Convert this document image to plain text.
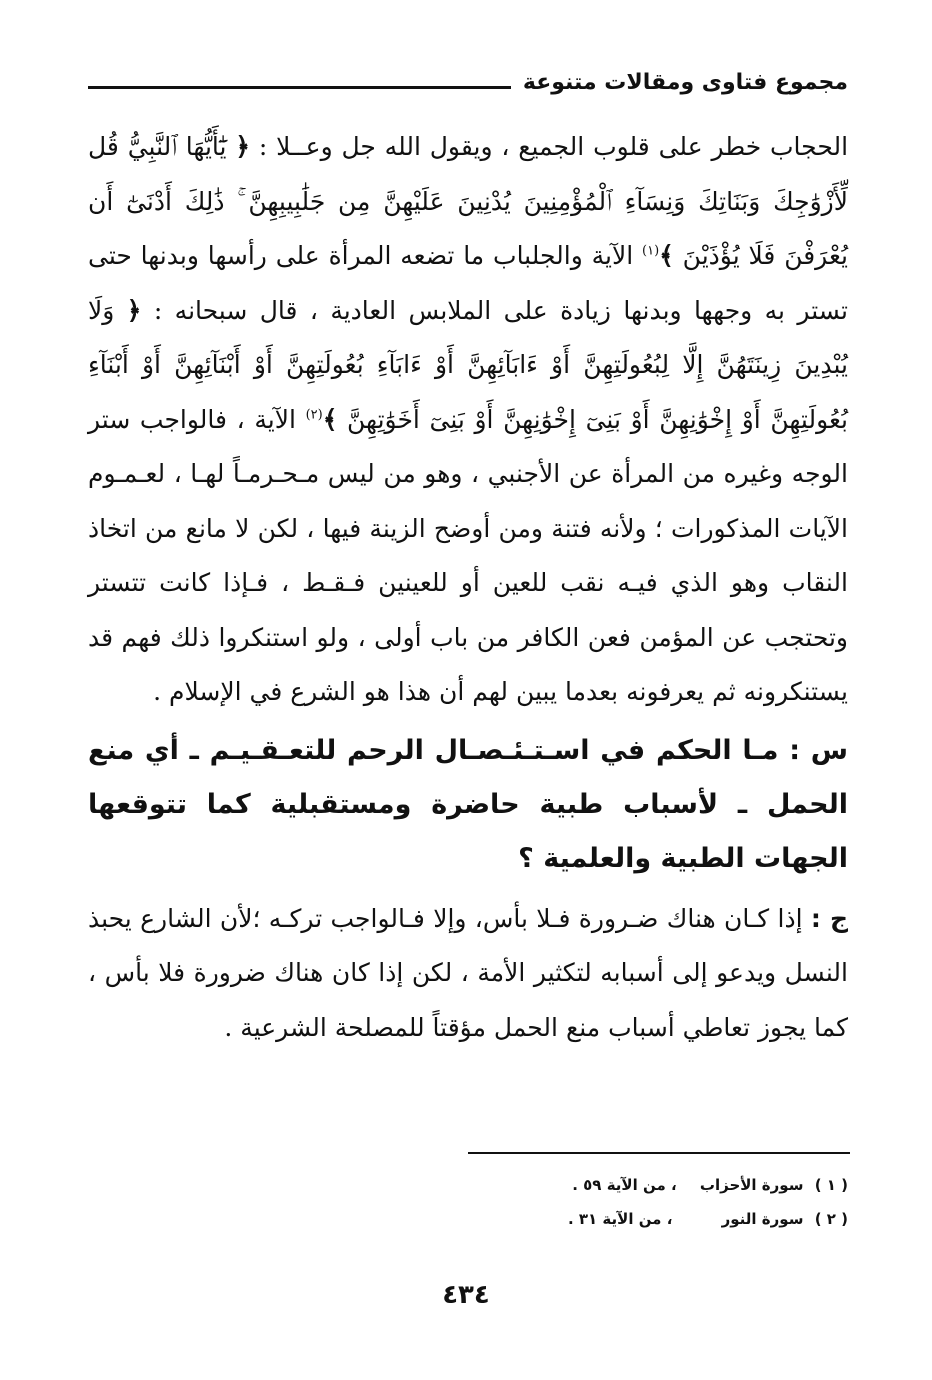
مجموع فتاوى ومقالات متنوعة

الحجاب خطر على قلوب الجميع ، ويقول الله جل وعــلا : ﴿ يَٰٓأَيُّهَا ٱلنَّبِيُّ قُل لِّأَزْوَٰجِكَ وَبَنَاتِكَ وَنِسَآءِ ٱلْمُؤْمِنِينَ يُدْنِينَ عَلَيْهِنَّ مِن جَلَٰبِيبِهِنَّ ۚ ذَٰلِكَ أَدْنَىٰٓ أَن يُعْرَفْنَ فَلَا يُؤْذَيْنَ ﴾$^{(١)}$ الآية والجلباب ما تضعه المرأة على رأسها وبدنها حتى تستر به وجهها وبدنها زيادة على الملابس العادية ، قال سبحانه : ﴿ وَلَا يُبْدِينَ زِينَتَهُنَّ إِلَّا لِبُعُولَتِهِنَّ أَوْ ءَابَآئِهِنَّ أَوْ ءَابَآءِ بُعُولَتِهِنَّ أَوْ أَبْنَآئِهِنَّ أَوْ أَبْنَآءِ بُعُولَتِهِنَّ أَوْ إِخْوَٰنِهِنَّ أَوْ بَنِىٓ إِخْوَٰنِهِنَّ أَوْ بَنِىٓ أَخَوَٰتِهِنَّ ﴾$^{(٢)}$ الآية ، فالواجب ستر الوجه وغيره من المرأة عن الأجنبي ، وهو من ليس مـحـرمـاً لهـا ، لعـمـوم الآيات المذكورات ؛ ولأنه فتنة ومن أوضح الزينة فيها ، لكن لا مانع من اتخاذ النقاب وهو الذي فيـه نقب للعين أو للعينين فـقـط ، فـإذا كانت تتستر وتحتجب عن المؤمن فعن الكافر من باب أولى ، ولو استنكروا ذلك فهم قد يستنكرونه ثم يعرفونه بعدما يبين لهم أن هذا هو الشرع في الإسلام .

س : مـا الحكم في اسـتـئـصـال الرحم للتعـقـيـم ـ أي منع الحمل ـ لأسباب طبية حاضرة ومستقبلية كما تتوقعها الجهات الطبية والعلمية ؟

ج : إذا كـان هناك ضـرورة فـلا بأس، وإلا فـالواجب تركـه ؛لأن الشارع يحبذ النسل ويدعو إلى أسبابه لتكثير الأمة ، لكن إذا كان هناك ضرورة فلا بأس ، كما يجوز تعاطي أسباب منع الحمل مؤقتاً للمصلحة الشرعية .

( ١ ) سورة الأحزاب ، من الآية ٥٩ .
( ٢ ) سورة النور ، من الآية ٣١ .
٤٣٤
